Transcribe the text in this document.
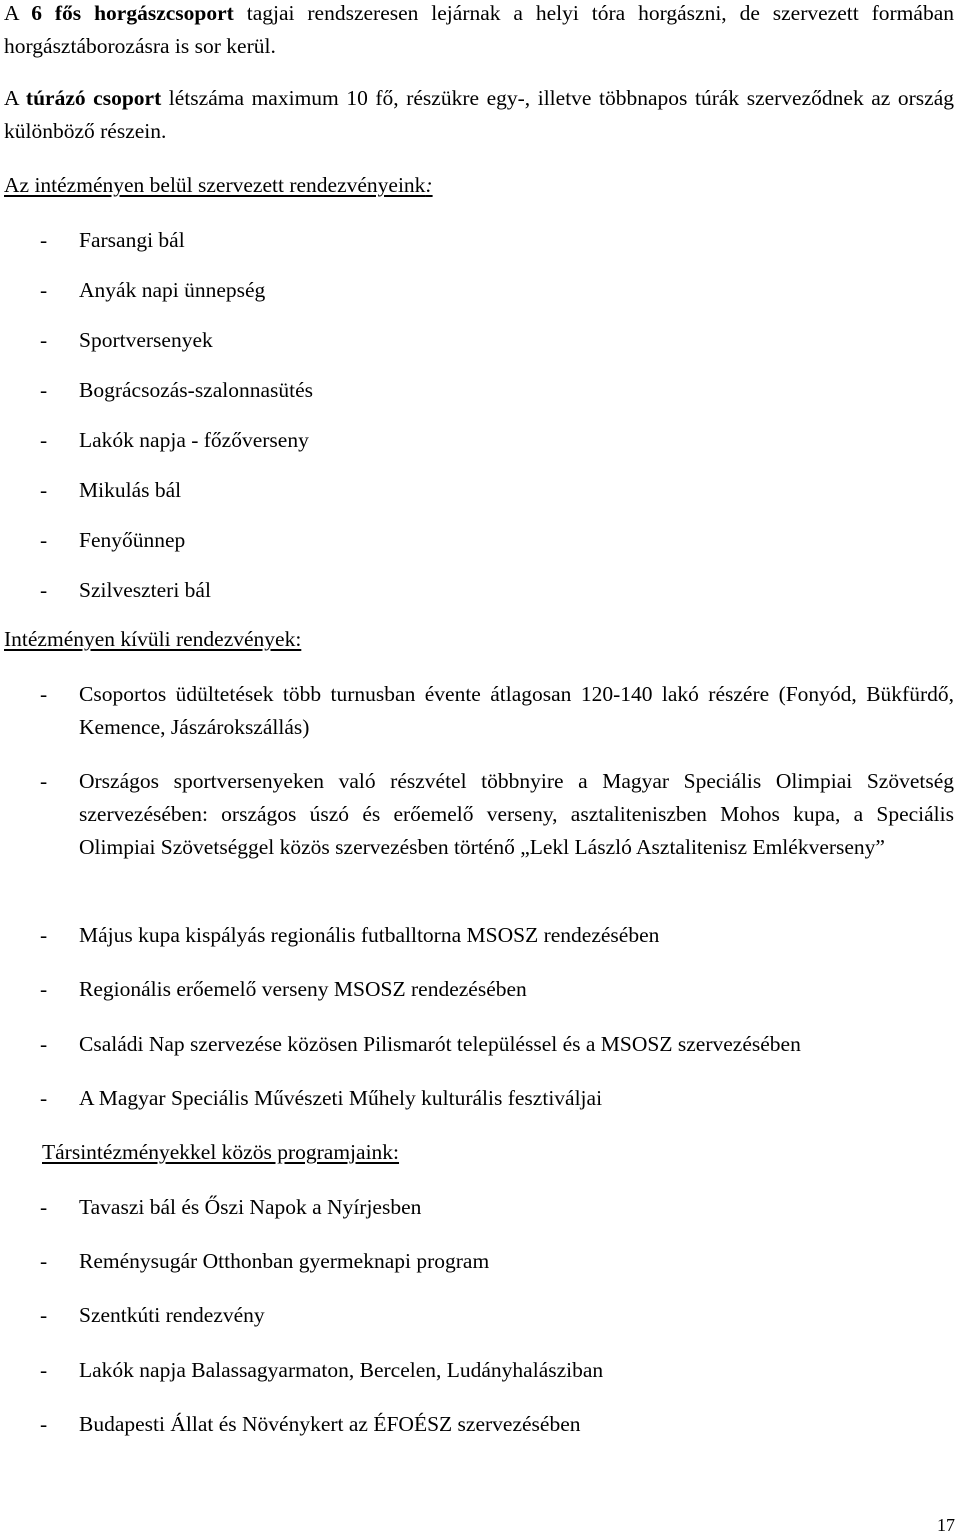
A 6 fős horgászcsoport tagjai rendszeresen lejárnak a helyi tóra horgászni, de szervezett formában horgásztáborozásra is sor kerül.
A túrázó csoport létszáma maximum 10 fő, részükre egy-, illetve többnapos túrák szerveződnek az ország különböző részein.
Az intézményen belül szervezett rendezvényeink:
- Farsangi bál
- Anyák napi ünnepség
- Sportversenyek
- Bográcsozás-szalonnasütés
- Lakók napja - főzőverseny
- Mikulás bál
- Fenyőünnep
- Szilveszteri bál
Intézményen kívüli rendezvények:
- Csoportos üdültetések több turnusban évente átlagosan 120-140 lakó részére (Fonyód, Bükfürdő, Kemence, Jászárokszállás)
- Országos sportversenyeken való részvétel többnyire a Magyar Speciális Olimpiai Szövetség szervezésében: országos úszó és erőemelő verseny, asztaliteniszben Mohos kupa, a Speciális Olimpiai Szövetséggel közös szervezésben történő „Lekl László Asztalitenisz Emlékverseny”
- Május kupa kispályás regionális futballtorna MSOSZ rendezésében
- Regionális erőemelő verseny MSOSZ rendezésében
- Családi Nap szervezése közösen Pilismarót településsel és a MSOSZ szervezésében
- A Magyar Speciális Művészeti Műhely kulturális fesztiváljai
Társintézményekkel közös programjaink:
- Tavaszi bál és Őszi Napok a Nyírjesben
- Reménysugár Otthonban gyermeknapi program
- Szentkúti rendezvény
- Lakók napja Balassagyarmaton, Bercelen, Ludányhalásziban
- Budapesti Állat és Növénykert az ÉFOÉSZ szervezésében
17
